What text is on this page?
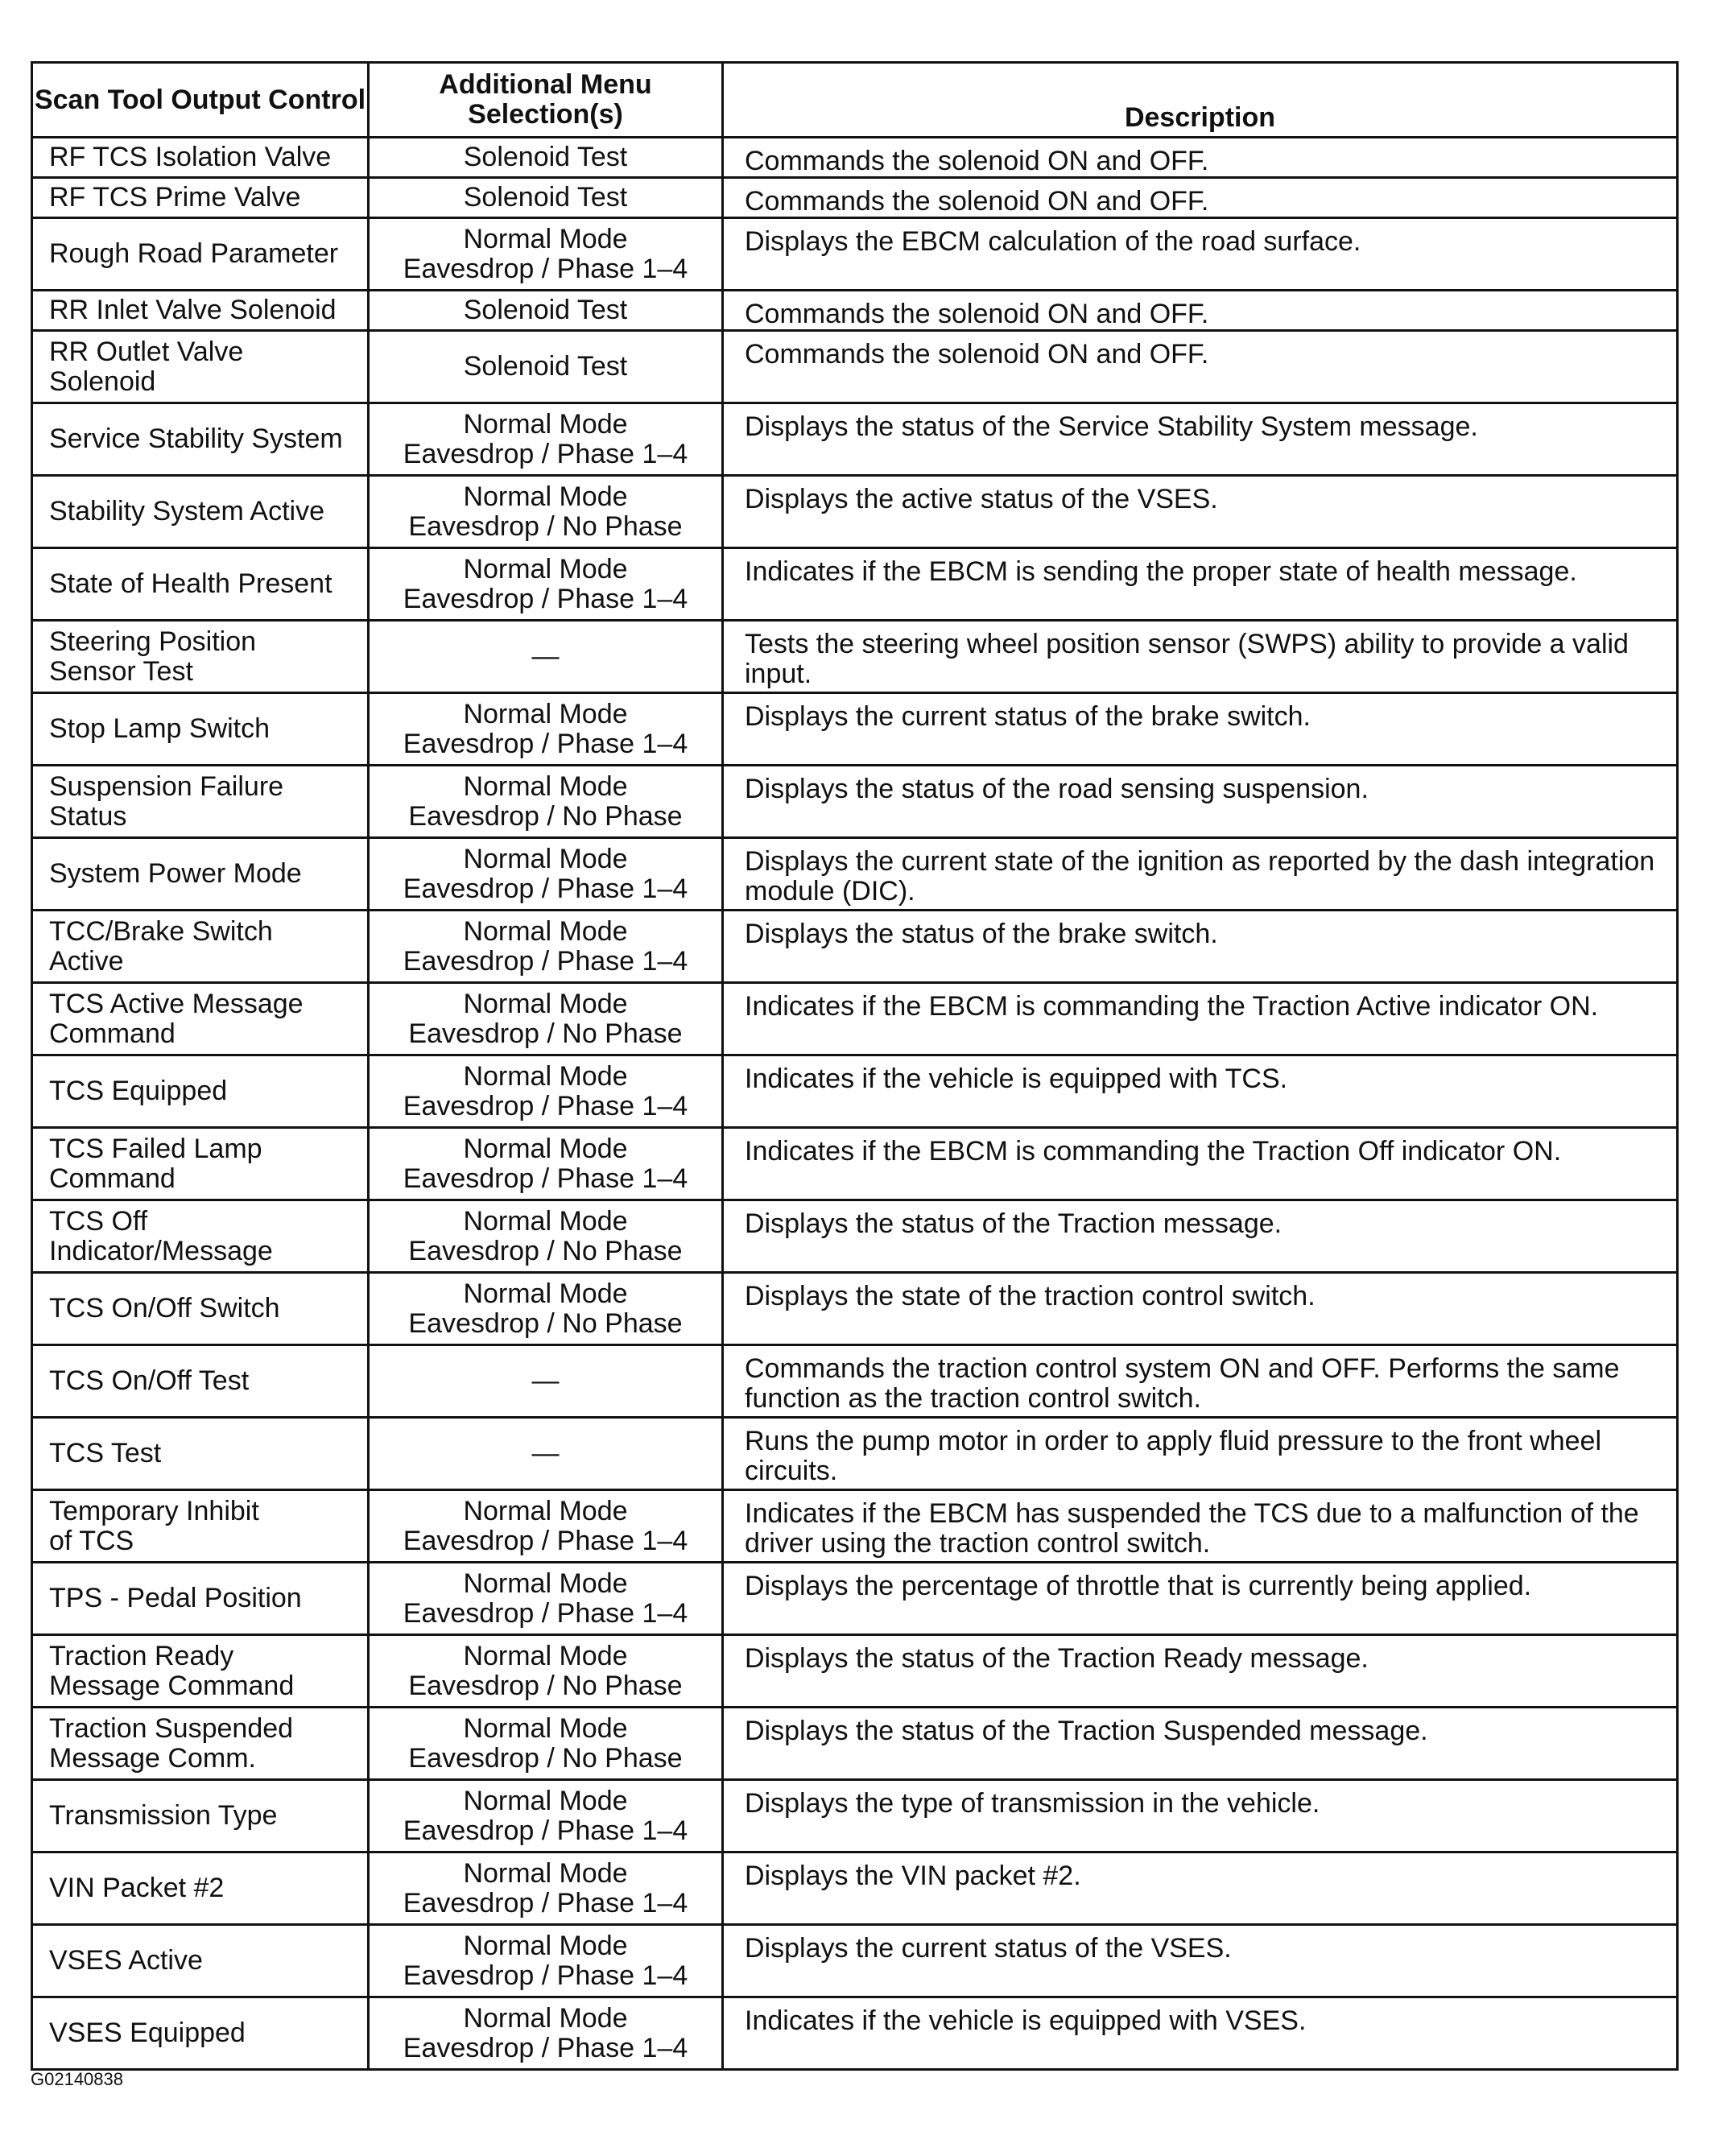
Scan Tool Output Control	Additional Menu Selection(s)	Description

RF TCS Isolation Valve	Solenoid Test	Commands the solenoid ON and OFF.

RF TCS Prime Valve	Solenoid Test	Commands the solenoid ON and OFF.

Rough Road Parameter	Normal Mode
Eavesdrop / Phase 1–4	Displays the EBCM calculation of the road surface.

RR Inlet Valve Solenoid	Solenoid Test	Commands the solenoid ON and OFF.

RR Outlet Valve
Solenoid	Solenoid Test	Commands the solenoid ON and OFF.

Service Stability System	Normal Mode
Eavesdrop / Phase 1–4	Displays the status of the Service Stability System message.

Stability System Active	Normal Mode
Eavesdrop / No Phase	Displays the active status of the VSES.

State of Health Present	Normal Mode
Eavesdrop / Phase 1–4	Indicates if the EBCM is sending the proper state of health message.

Steering Position
Sensor Test	—	Tests the steering wheel position sensor (SWPS) ability to provide a valid input.

Stop Lamp Switch	Normal Mode
Eavesdrop / Phase 1–4	Displays the current status of the brake switch.

Suspension Failure
Status	Normal Mode
Eavesdrop / No Phase	Displays the status of the road sensing suspension.

System Power Mode	Normal Mode
Eavesdrop / Phase 1–4	Displays the current state of the ignition as reported by the dash integration module (DIC).

TCC/Brake Switch
Active	Normal Mode
Eavesdrop / Phase 1–4	Displays the status of the brake switch.

TCS Active Message
Command	Normal Mode
Eavesdrop / No Phase	Indicates if the EBCM is commanding the Traction Active indicator ON.

TCS Equipped	Normal Mode
Eavesdrop / Phase 1–4	Indicates if the vehicle is equipped with TCS.

TCS Failed Lamp
Command	Normal Mode
Eavesdrop / Phase 1–4	Indicates if the EBCM is commanding the Traction Off indicator ON.

TCS Off
Indicator/Message	Normal Mode
Eavesdrop / No Phase	Displays the status of the Traction message.

TCS On/Off Switch	Normal Mode
Eavesdrop / No Phase	Displays the state of the traction control switch.

TCS On/Off Test	—	Commands the traction control system ON and OFF. Performs the same function as the traction control switch.

TCS Test	—	Runs the pump motor in order to apply fluid pressure to the front wheel circuits.

Temporary Inhibit
of TCS	Normal Mode
Eavesdrop / Phase 1–4	Indicates if the EBCM has suspended the TCS due to a malfunction of the driver using the traction control switch.

TPS - Pedal Position	Normal Mode
Eavesdrop / Phase 1–4	Displays the percentage of throttle that is currently being applied.

Traction Ready
Message Command	Normal Mode
Eavesdrop / No Phase	Displays the status of the Traction Ready message.

Traction Suspended
Message Comm.	Normal Mode
Eavesdrop / No Phase	Displays the status of the Traction Suspended message.

Transmission Type	Normal Mode
Eavesdrop / Phase 1–4	Displays the type of transmission in the vehicle.

VIN Packet #2	Normal Mode
Eavesdrop / Phase 1–4	Displays the VIN packet #2.

VSES Active	Normal Mode
Eavesdrop / Phase 1–4	Displays the current status of the VSES.

VSES Equipped	Normal Mode
Eavesdrop / Phase 1–4	Indicates if the vehicle is equipped with VSES.
G02140838
